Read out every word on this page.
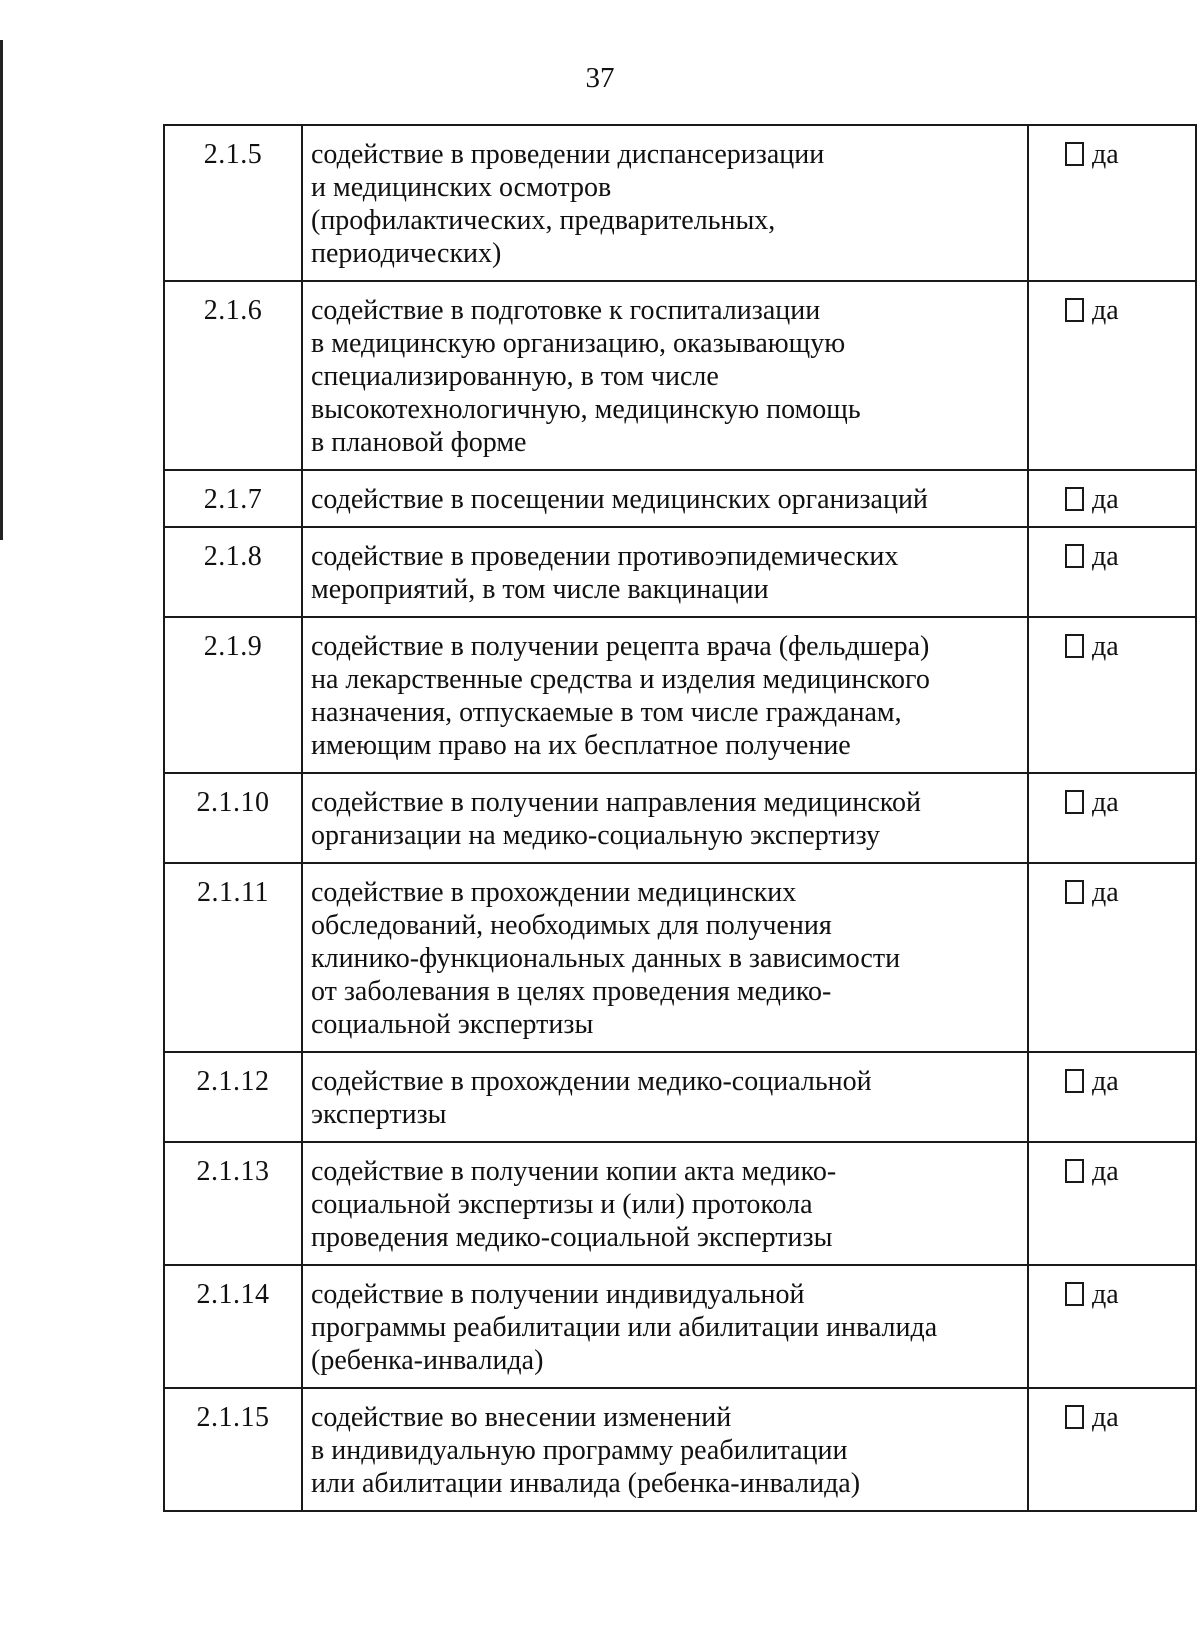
37
2.1.5	содействие в проведении диспансеризации
и медицинских осмотров
(профилактических, предварительных,
периодических)	да
2.1.6	содействие в подготовке к госпитализации
в медицинскую организацию, оказывающую
специализированную, в том числе
высокотехнологичную, медицинскую помощь
в плановой форме	да
2.1.7	содействие в посещении медицинских организаций	да
2.1.8	содействие в проведении противоэпидемических
мероприятий, в том числе вакцинации	да
2.1.9	содействие в получении рецепта врача (фельдшера)
на лекарственные средства и изделия медицинского
назначения, отпускаемые в том числе гражданам,
имеющим право на их бесплатное получение	да
2.1.10	содействие в получении направления медицинской
организации на медико-социальную экспертизу	да
2.1.11	содействие в прохождении медицинских
обследований, необходимых для получения
клинико-функциональных данных в зависимости
от заболевания в целях проведения медико-
социальной экспертизы	да
2.1.12	содействие в прохождении медико-социальной
экспертизы	да
2.1.13	содействие в получении копии акта медико-
социальной экспертизы и (или) протокола
проведения медико-социальной экспертизы	да
2.1.14	содействие в получении индивидуальной
программы реабилитации или абилитации инвалида
(ребенка-инвалида)	да
2.1.15	содействие во внесении изменений
в индивидуальную программу реабилитации
или абилитации инвалида (ребенка-инвалида)	да
